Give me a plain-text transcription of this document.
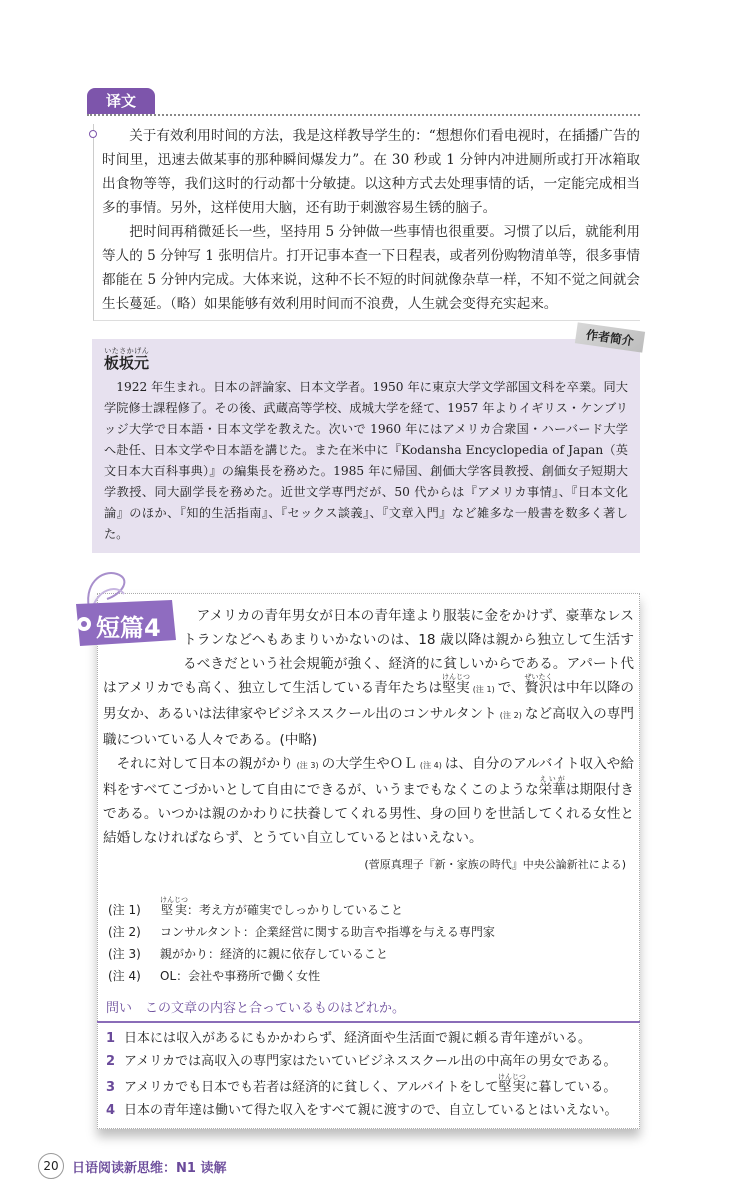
译文

关于有效利用时间的方法，我是这样教导学生的：“想想你们看电视时，在插播广告的时间里，迅速去做某事的那种瞬间爆发力”。在 30 秒或 1 分钟内冲进厕所或打开冰箱取出食物等等，我们这时的行动都十分敏捷。以这种方式去处理事情的话，一定能完成相当多的事情。另外，这样使用大脑，还有助于刺激容易生锈的脑子。

把时间再稍微延长一些，坚持用 5 分钟做一些事情也很重要。习惯了以后，就能利用等人的 5 分钟写 1 张明信片。打开记事本查一下日程表，或者列份购物清单等，很多事情都能在 5 分钟内完成。大体来说，这种不长不短的时间就像杂草一样，不知不觉之间就会生长蔓延。（略）如果能够有效利用时间而不浪费，人生就会变得充实起来。

作者简介
板坂元いたさかげん

1922 年生まれ。日本の評論家、日本文学者。1950 年に東京大学文学部国文科を卒業。同大学院修士課程修了。その後、武蔵高等学校、成城大学を経て、1957 年よりイギリス・ケンブリッジ大学で日本語・日本文学を教えた。次いで 1960 年にはアメリカ合衆国・ハーバード大学へ赴任、日本文学や日本語を講じた。また在米中に『Kodansha Encyclopedia of Japan（英文日本大百科事典）』の編集長を務めた。1985 年に帰国、創価大学客員教授、創価女子短期大学教授、同大副学長を務めた。近世文学専門だが、50 代からは『アメリカ事情』、『日本文化論』のほか、『知的生活指南』、『セックス談義』、『文章入門』など雑多な一般書を数多く著した。

アメリカの青年男女が日本の青年達より服装に金をかけず、豪華なレストランなどへもあまりいかないのは、18 歳以降は親から独立して生活するべきだという社会規範が強く、経済的に貧しいからである。アパート代はアメリカでも高く、独立して生活している青年たちは堅実けんじつ(注 1) で、贅沢ぜいたくは中年以降の男女か、あるいは法律家やビジネススクール出のコンサルタント (注 2) など高収入の専門職についている人々である。(中略)

それに対して日本の親がかり (注 3) の大学生やＯＬ (注 4) は、自分のアルバイト収入や給料をすべてこづかいとして自由にできるが、いうまでもなくこのような栄華えいがは期限付きである。いつかは親のかわりに扶養してくれる男性、身の回りを世話してくれる女性と結婚しなければならず、とうてい自立しているとはいえない。

(菅原真理子『新・家族の時代』中央公論新社による)
(注 1) 堅実けんじつ：考え方が確実でしっかりしていること
(注 2) コンサルタント：企業経営に関する助言や指導を与える専門家
(注 3) 親がかり：経済的に親に依存していること
(注 4) OL：会社や事務所で働く女性
問い　この文章の内容と合っているものはどれか。
1 日本には収入があるにもかかわらず、経済面や生活面で親に頼る青年達がいる。
2 アメリカでは高収入の専門家はたいていビジネススクール出の中高年の男女である。
3 アメリカでも日本でも若者は経済的に貧しく、アルバイトをして堅実けんじつに暮している。
4 日本の青年達は働いて得た収入をすべて親に渡すので、自立しているとはいえない。
短篇4
20	日语阅读新思维：N1 读解
